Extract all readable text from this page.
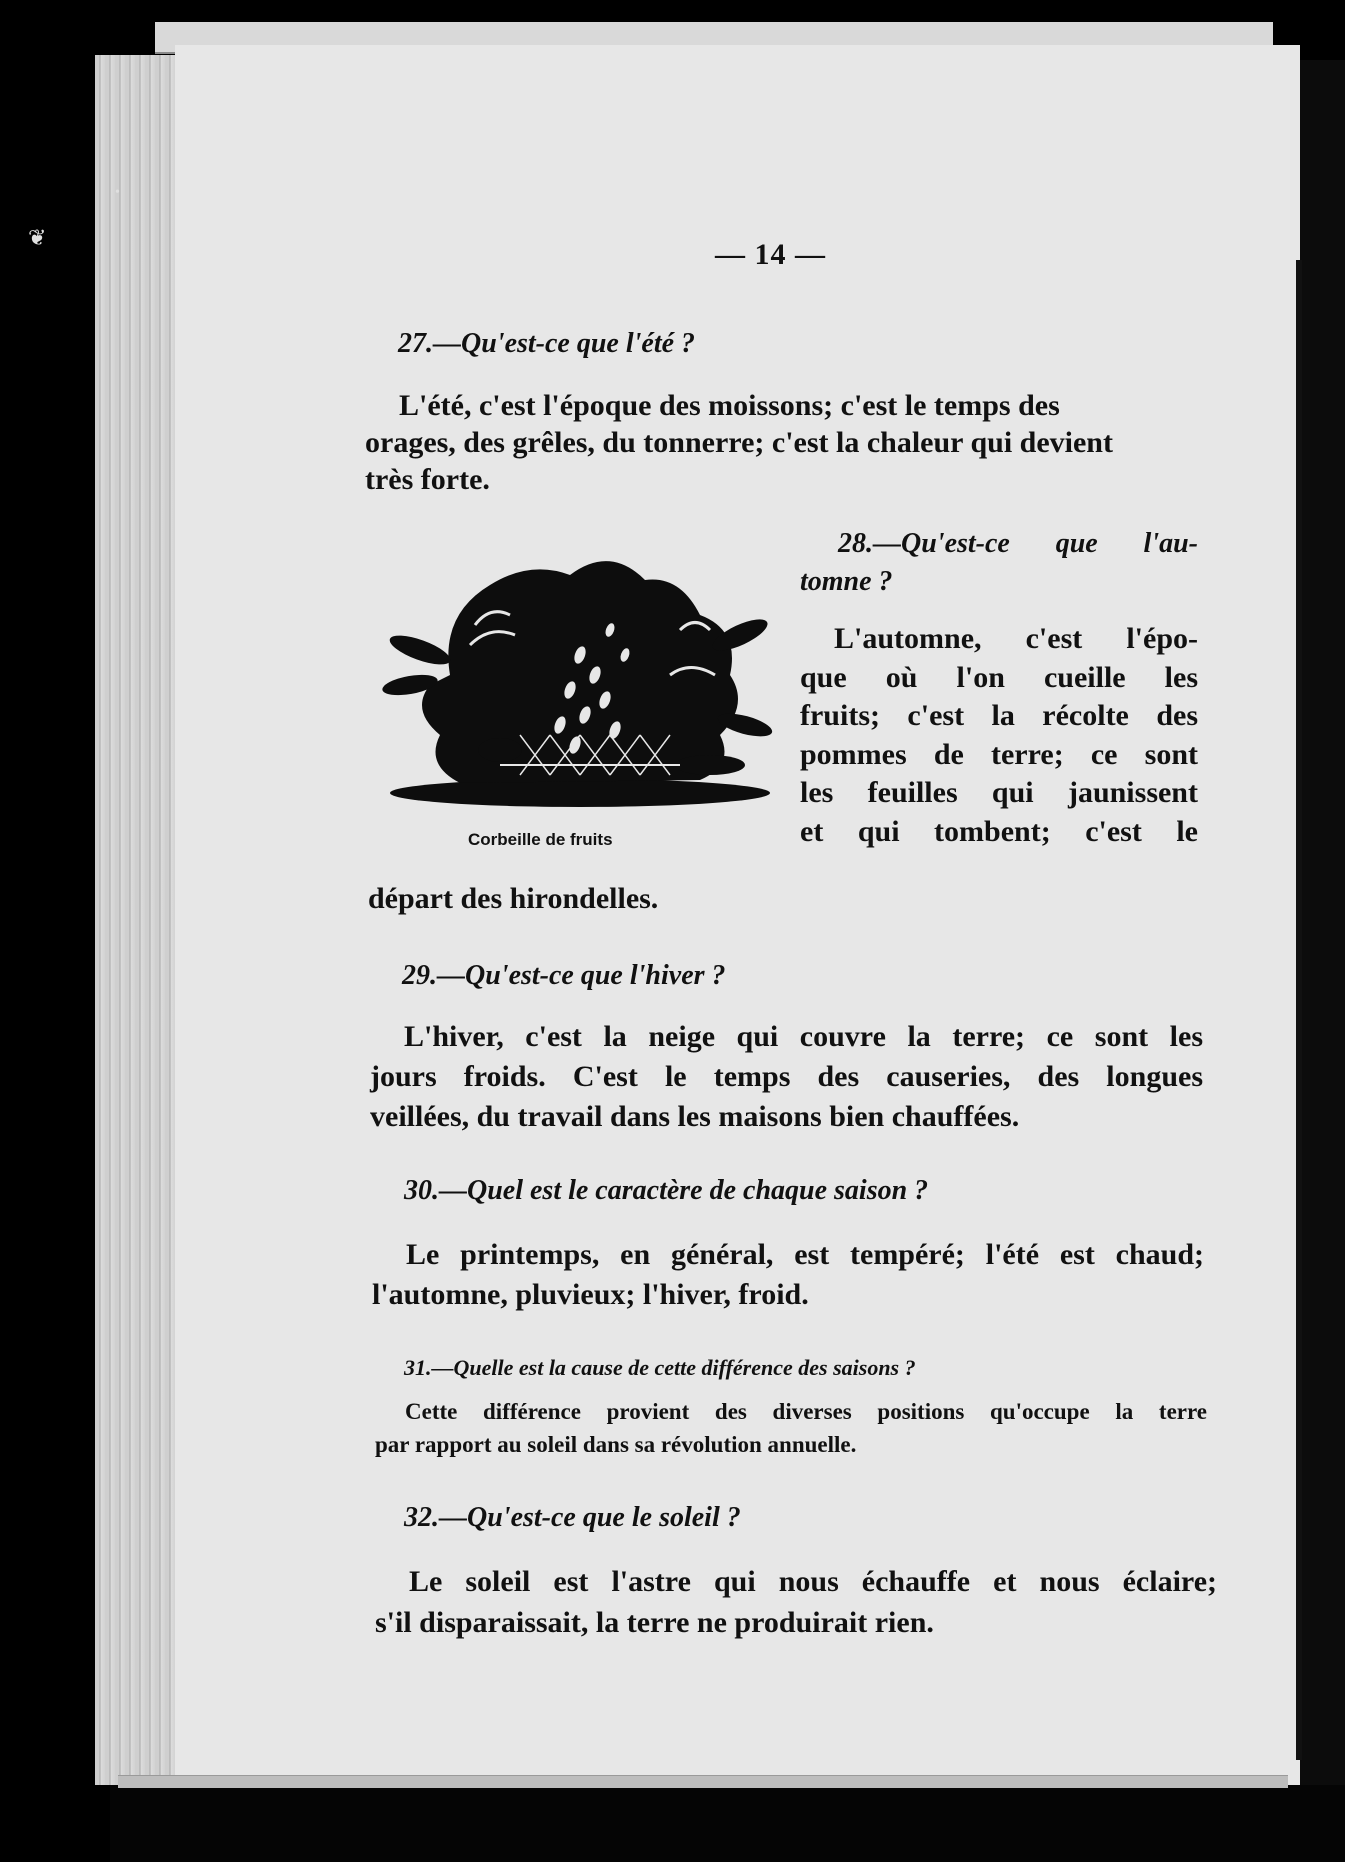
❦
•

— 14 —

27.—Qu'est-ce que l'été ?

L'été, c'est l'époque des moissons; c'est le temps des

orages, des grêles, du tonnerre; c'est la chaleur qui devient

très forte.

Corbeille de fruits

28.—Qu'est-ce que l'au-

tomne ?

L'automne, c'est l'épo-

que où l'on cueille les

fruits; c'est la récolte des

pommes de terre; ce sont

les feuilles qui jaunissent

et qui tombent; c'est le

départ des hirondelles.

29.—Qu'est-ce que l'hiver ?

L'hiver, c'est la neige qui couvre la terre; ce sont les

jours froids. C'est le temps des causeries, des longues

veillées, du travail dans les maisons bien chauffées.

30.—Quel est le caractère de chaque saison ?

Le printemps, en général, est tempéré; l'été est chaud;

l'automne, pluvieux; l'hiver, froid.

31.—Quelle est la cause de cette différence des saisons ?

Cette différence provient des diverses positions qu'occupe la terre

par rapport au soleil dans sa révolution annuelle.

32.—Qu'est-ce que le soleil ?

Le soleil est l'astre qui nous échauffe et nous éclaire;

s'il disparaissait, la terre ne produirait rien.
